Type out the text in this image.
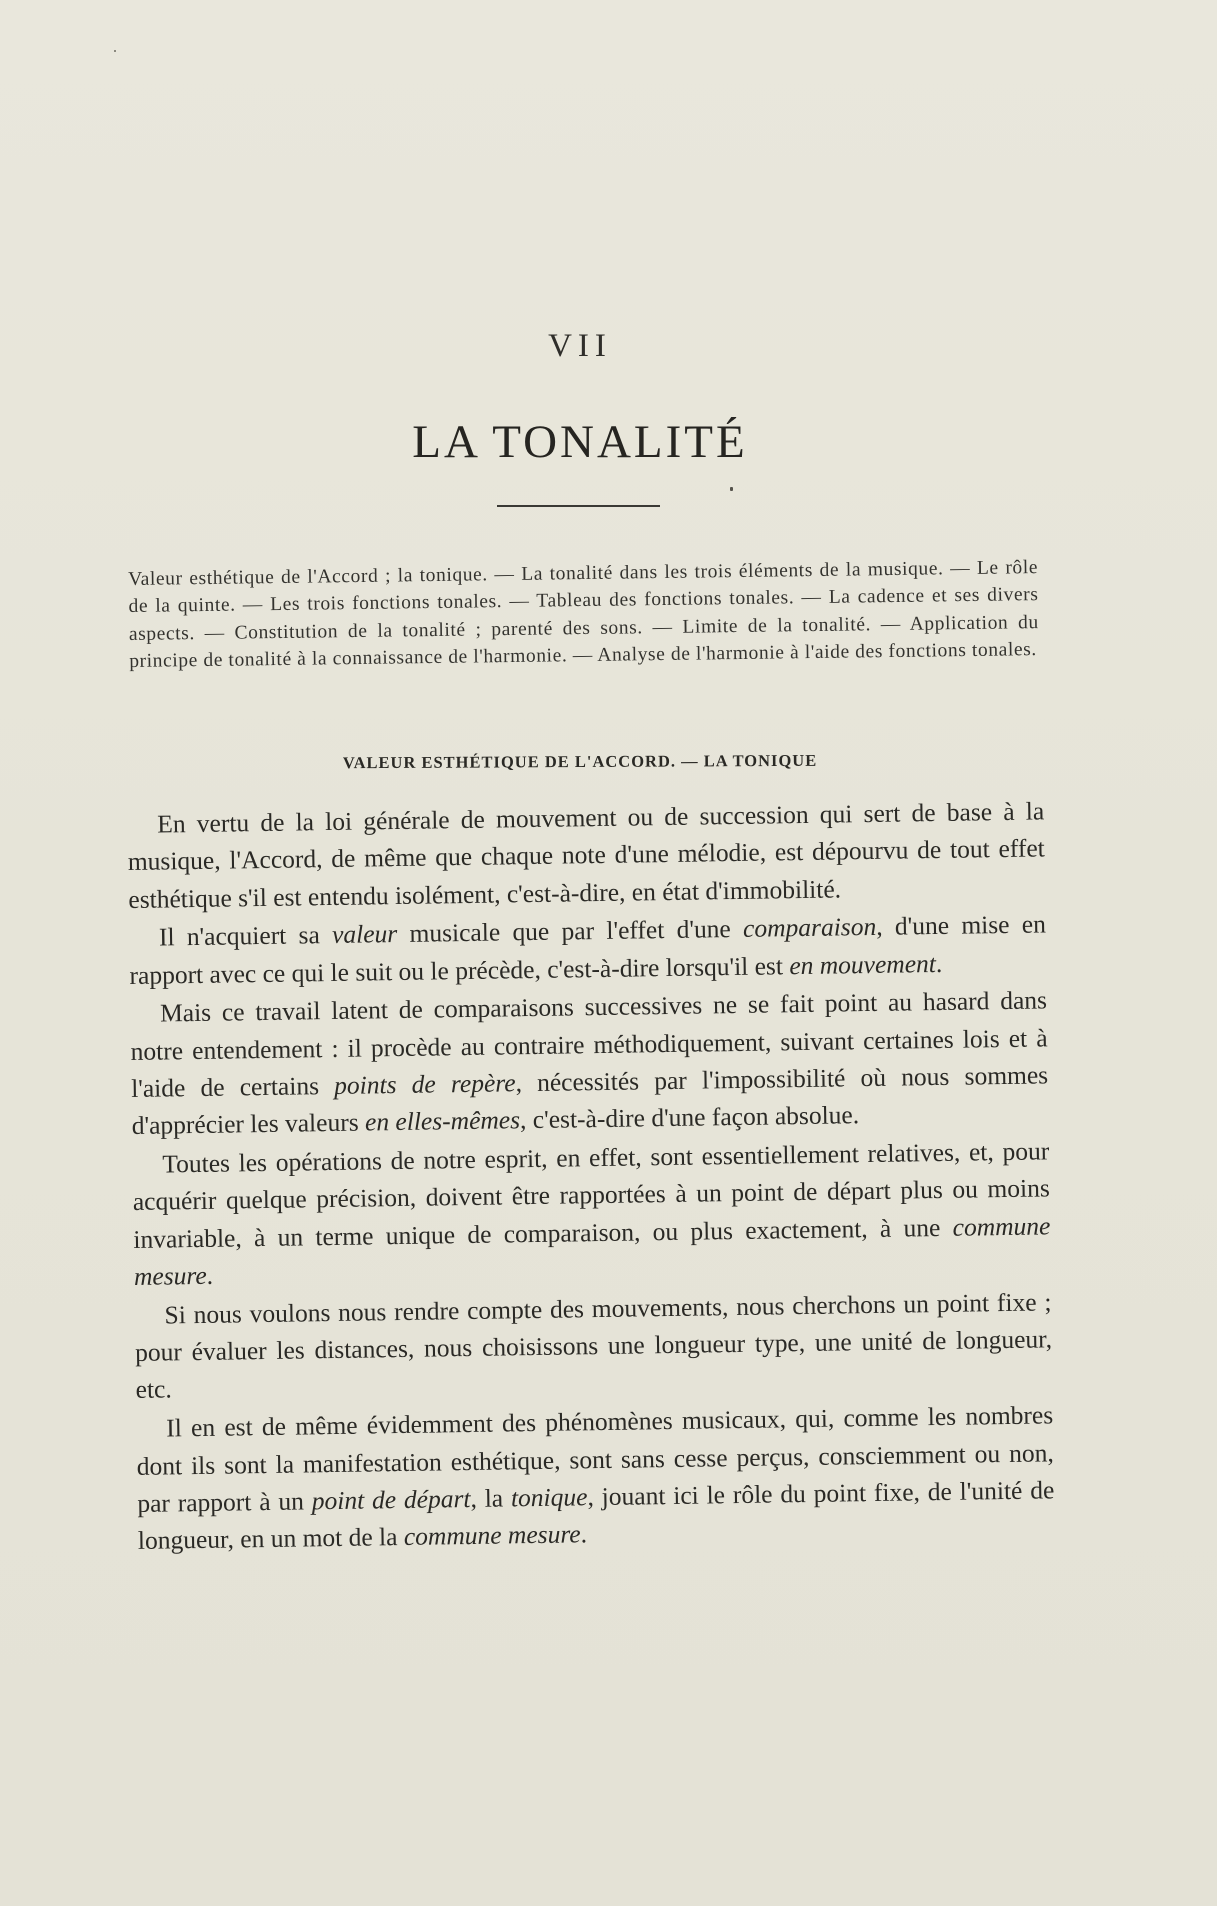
VII
LA TONALITÉ
Valeur esthétique de l'Accord ; la tonique. — La tonalité dans les trois éléments de la musique. — Le rôle de la quinte. — Les trois fonctions tonales. — Tableau des fonctions tonales. — La cadence et ses divers aspects. — Constitution de la tonalité ; parenté des sons. — Limite de la tonalité. — Application du principe de tonalité à la connaissance de l'harmonie. — Analyse de l'harmonie à l'aide des fonctions tonales.
VALEUR ESTHÉTIQUE DE L'ACCORD. — LA TONIQUE

En vertu de la loi générale de mouvement ou de succession qui sert de base à la musique, l'Accord, de même que chaque note d'une mélodie, est dépourvu de tout effet esthétique s'il est entendu isolément, c'est-à-dire, en état d'immobilité.

Il n'acquiert sa valeur musicale que par l'effet d'une comparaison, d'une mise en rapport avec ce qui le suit ou le précède, c'est-à-dire lorsqu'il est en mouvement.

Mais ce travail latent de comparaisons successives ne se fait point au hasard dans notre entendement : il procède au contraire méthodiquement, suivant certaines lois et à l'aide de certains points de repère, nécessités par l'impossibilité où nous sommes d'apprécier les valeurs en elles-mêmes, c'est-à-dire d'une façon absolue.

Toutes les opérations de notre esprit, en effet, sont essentiellement relatives, et, pour acquérir quelque précision, doivent être rapportées à un point de départ plus ou moins invariable, à un terme unique de comparaison, ou plus exactement, à une commune mesure.

Si nous voulons nous rendre compte des mouvements, nous cherchons un point fixe ; pour évaluer les distances, nous choisissons une longueur type, une unité de longueur, etc.

Il en est de même évidemment des phénomènes musicaux, qui, comme les nombres dont ils sont la manifestation esthétique, sont sans cesse perçus, consciemment ou non, par rapport à un point de départ, la tonique, jouant ici le rôle du point fixe, de l'unité de longueur, en un mot de la commune mesure.
